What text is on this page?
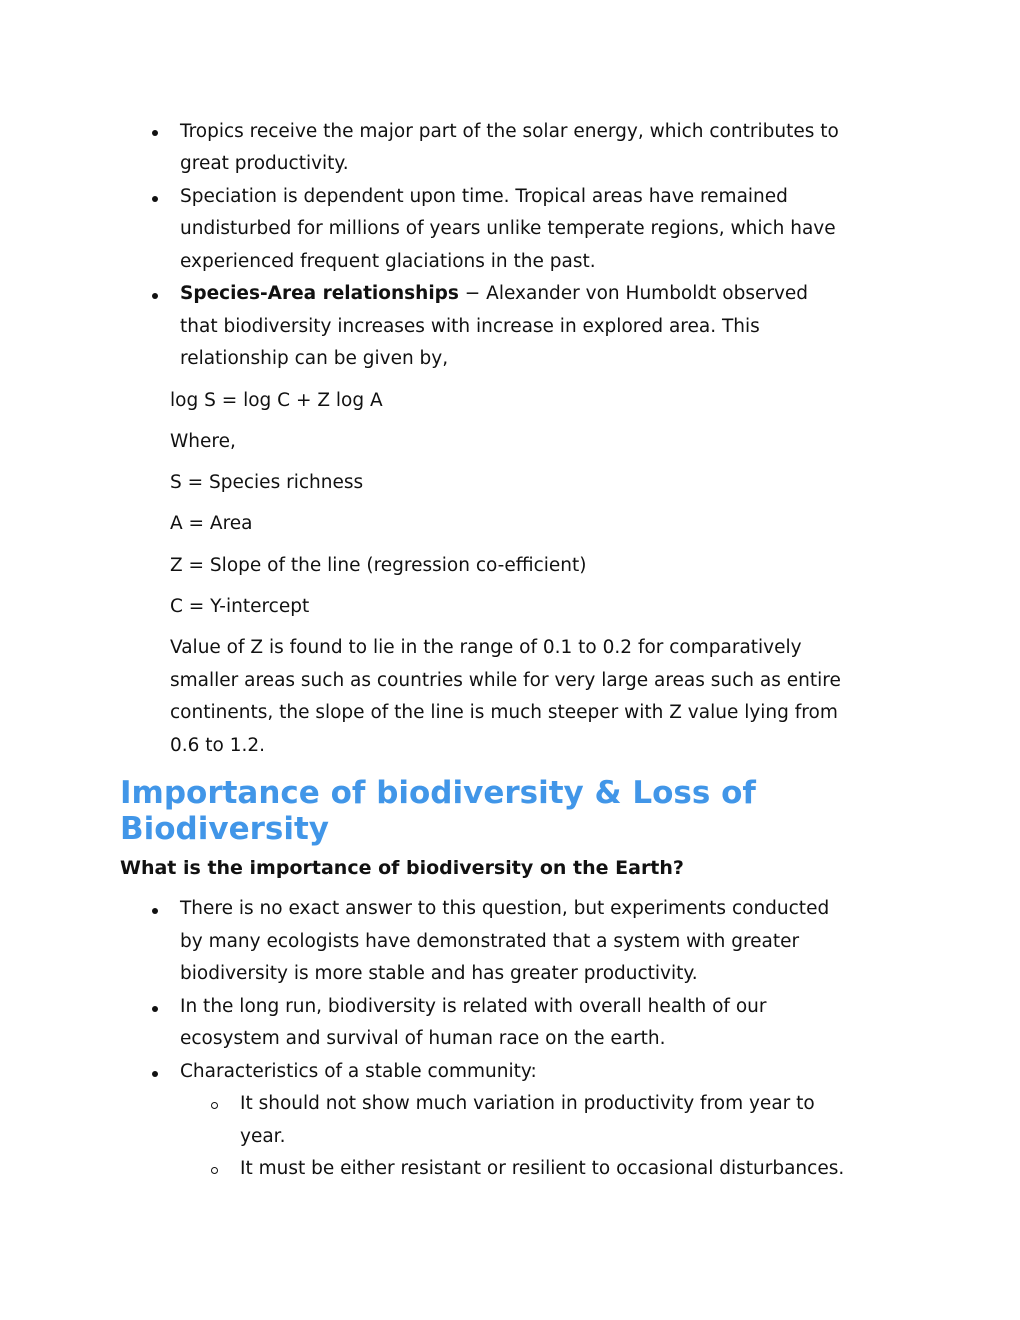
Tropics receive the major part of the solar energy, which contributes to
great productivity.
Speciation is dependent upon time. Tropical areas have remained
undisturbed for millions of years unlike temperate regions, which have
experienced frequent glaciations in the past.
Species-Area relationships − Alexander von Humboldt observed
that biodiversity increases with increase in explored area. This
relationship can be given by,
log S = log C + Z log A
Where,
S = Species richness
A = Area
Z = Slope of the line (regression co-efficient)
C = Y-intercept
Value of Z is found to lie in the range of 0.1 to 0.2 for comparatively
smaller areas such as countries while for very large areas such as entire
continents, the slope of the line is much steeper with Z value lying from
0.6 to 1.2.
Importance of biodiversity & Loss of
Biodiversity
What is the importance of biodiversity on the Earth?
There is no exact answer to this question, but experiments conducted
by many ecologists have demonstrated that a system with greater
biodiversity is more stable and has greater productivity.
In the long run, biodiversity is related with overall health of our
ecosystem and survival of human race on the earth.
Characteristics of a stable community:
It should not show much variation in productivity from year to
year.
It must be either resistant or resilient to occasional disturbances.
